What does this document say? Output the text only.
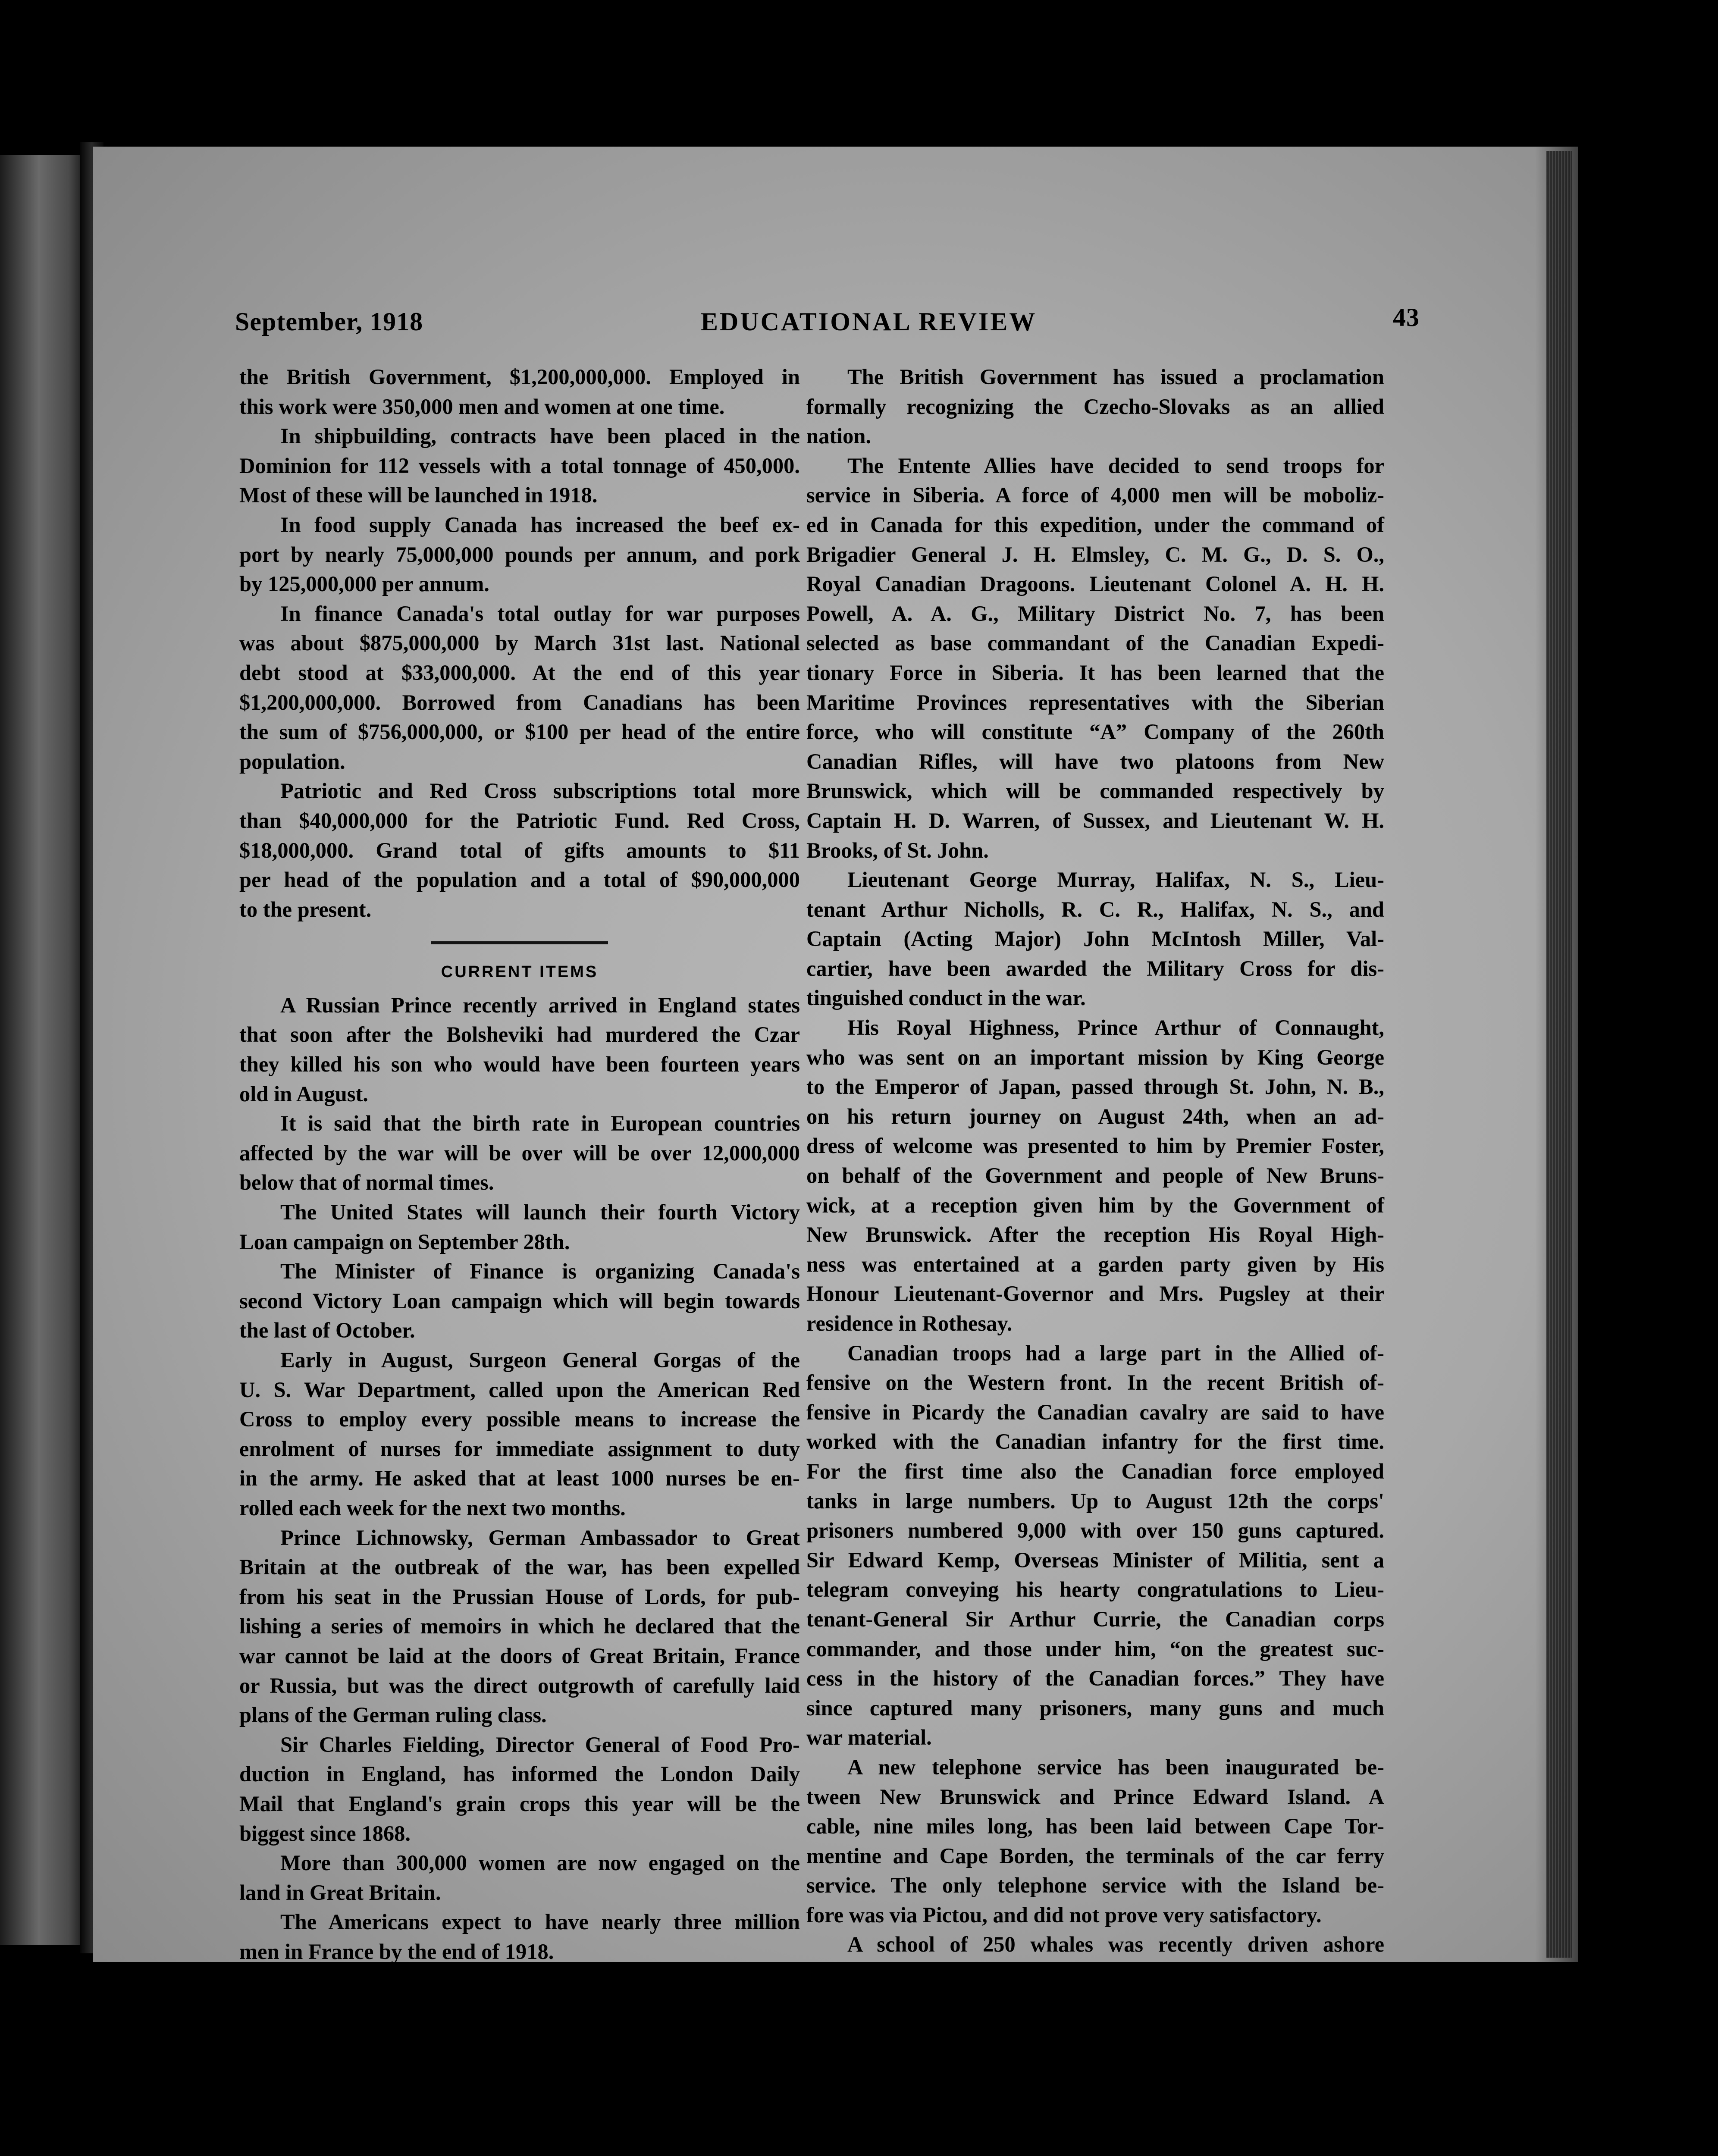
September, 1918	EDUCATIONAL REVIEW	43

the British Government, $1,200,000,000. Employed in
this work were 350,000 men and women at one time.

In shipbuilding, contracts have been placed in the
Dominion for 112 vessels with a total tonnage of 450,000.
Most of these will be launched in 1918.

In food supply Canada has increased the beef ex-
port by nearly 75,000,000 pounds per annum, and pork
by 125,000,000 per annum.

In finance Canada's total outlay for war purposes
was about $875,000,000 by March 31st last. National
debt stood at $33,000,000. At the end of this year
$1,200,000,000. Borrowed from Canadians has been
the sum of $756,000,000, or $100 per head of the entire
population.

Patriotic and Red Cross subscriptions total more
than $40,000,000 for the Patriotic Fund. Red Cross,
$18,000,000. Grand total of gifts amounts to $11
per head of the population and a total of $90,000,000
to the present.

CURRENT ITEMS

A Russian Prince recently arrived in England states
that soon after the Bolsheviki had murdered the Czar
they killed his son who would have been fourteen years
old in August.

It is said that the birth rate in European countries
affected by the war will be over will be over 12,000,000
below that of normal times.

The United States will launch their fourth Victory
Loan campaign on September 28th.

The Minister of Finance is organizing Canada's
second Victory Loan campaign which will begin towards
the last of October.

Early in August, Surgeon General Gorgas of the
U. S. War Department, called upon the American Red
Cross to employ every possible means to increase the
enrolment of nurses for immediate assignment to duty
in the army. He asked that at least 1000 nurses be en-
rolled each week for the next two months.

Prince Lichnowsky, German Ambassador to Great
Britain at the outbreak of the war, has been expelled
from his seat in the Prussian House of Lords, for pub-
lishing a series of memoirs in which he declared that the
war cannot be laid at the doors of Great Britain, France
or Russia, but was the direct outgrowth of carefully laid
plans of the German ruling class.

Sir Charles Fielding, Director General of Food Pro-
duction in England, has informed the London Daily
Mail that England's grain crops this year will be the
biggest since 1868.

More than 300,000 women are now engaged on the
land in Great Britain.

The Americans expect to have nearly three million
men in France by the end of 1918.

The British Government has issued a proclamation
formally recognizing the Czecho-Slovaks as an allied
nation.

The Entente Allies have decided to send troops for
service in Siberia. A force of 4,000 men will be moboliz-
ed in Canada for this expedition, under the command of
Brigadier General J. H. Elmsley, C. M. G., D. S. O.,
Royal Canadian Dragoons. Lieutenant Colonel A. H. H.
Powell, A. A. G., Military District No. 7, has been
selected as base commandant of the Canadian Expedi-
tionary Force in Siberia. It has been learned that the
Maritime Provinces representatives with the Siberian
force, who will constitute “A” Company of the 260th
Canadian Rifles, will have two platoons from New
Brunswick, which will be commanded respectively by
Captain H. D. Warren, of Sussex, and Lieutenant W. H.
Brooks, of St. John.

Lieutenant George Murray, Halifax, N. S., Lieu-
tenant Arthur Nicholls, R. C. R., Halifax, N. S., and
Captain (Acting Major) John McIntosh Miller, Val-
cartier, have been awarded the Military Cross for dis-
tinguished conduct in the war.

His Royal Highness, Prince Arthur of Connaught,
who was sent on an important mission by King George
to the Emperor of Japan, passed through St. John, N. B.,
on his return journey on August 24th, when an ad-
dress of welcome was presented to him by Premier Foster,
on behalf of the Government and people of New Bruns-
wick, at a reception given him by the Government of
New Brunswick. After the reception His Royal High-
ness was entertained at a garden party given by His
Honour Lieutenant-Governor and Mrs. Pugsley at their
residence in Rothesay.

Canadian troops had a large part in the Allied of-
fensive on the Western front. In the recent British of-
fensive in Picardy the Canadian cavalry are said to have
worked with the Canadian infantry for the first time.
For the first time also the Canadian force employed
tanks in large numbers. Up to August 12th the corps'
prisoners numbered 9,000 with over 150 guns captured.
Sir Edward Kemp, Overseas Minister of Militia, sent a
telegram conveying his hearty congratulations to Lieu-
tenant-General Sir Arthur Currie, the Canadian corps
commander, and those under him, “on the greatest suc-
cess in the history of the Canadian forces.” They have
since captured many prisoners, many guns and much
war material.

A new telephone service has been inaugurated be-
tween New Brunswick and Prince Edward Island. A
cable, nine miles long, has been laid between Cape Tor-
mentine and Cape Borden, the terminals of the car ferry
service. The only telephone service with the Island be-
fore was via Pictou, and did not prove very satisfactory.

A school of 250 whales was recently driven ashore
